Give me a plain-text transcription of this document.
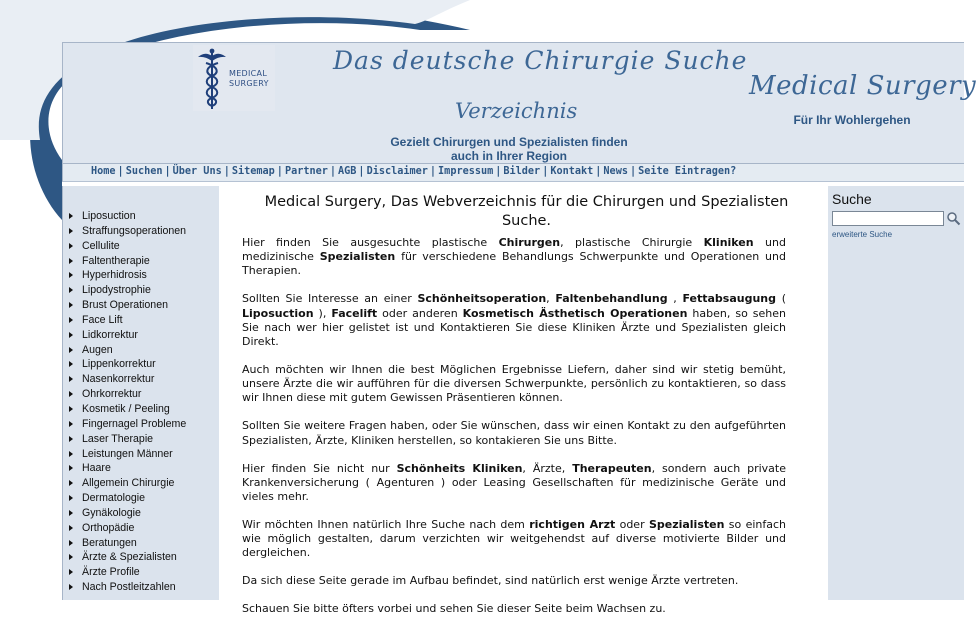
MEDICAL
SURGERY
Das deutsche Chirurgie Suche
Verzeichnis
Gezielt Chirurgen und Spezialisten finden
auch in Ihrer Region
Medical Surgery
Für Ihr Wohlergehen
Home | Suchen | Über Uns | Sitemap | Partner | AGB | Disclaimer | Impressum | Bilder | Kontakt | News | Seite Eintragen?
Liposuction
Straffungsoperationen
Cellulite
Faltentherapie
Hyperhidrosis
Lipodystrophie
Brust Operationen
Face Lift
Lidkorrektur
Augen
Lippenkorrektur
Nasenkorrektur
Ohrkorrektur
Kosmetik / Peeling
Fingernagel Probleme
Laser Therapie
Leistungen Männer
Haare
Allgemein Chirurgie
Dermatologie
Gynäkologie
Orthopädie
Beratungen
Ärzte & Spezialisten
Ärzte Profile
Nach Postleitzahlen
Medical Surgery, Das Webverzeichnis für die Chirurgen und Spezialisten Suche.

Hier finden Sie ausgesuchte plastische Chirurgen, plastische Chirurgie Kliniken und medizinische Spezialisten für verschiedene Behandlungs Schwerpunkte und Operationen und Therapien.

Sollten Sie Interesse an einer Schönheitsoperation, Faltenbehandlung , Fettabsaugung ( Liposuction ), Facelift oder anderen Kosmetisch Ästhetisch Operationen haben, so sehen Sie nach wer hier gelistet ist und Kontaktieren Sie diese Kliniken Ärzte und Spezialisten gleich Direkt.

Auch möchten wir Ihnen die best Möglichen Ergebnisse Liefern, daher sind wir stetig bemüht, unsere Ärzte die wir aufführen für die diversen Schwerpunkte, persönlich zu kontaktieren, so dass wir Ihnen diese mit gutem Gewissen Präsentieren können.

Sollten Sie weitere Fragen haben, oder Sie wünschen, dass wir einen Kontakt zu den aufgeführten Spezialisten, Ärzte, Kliniken herstellen, so kontakieren Sie uns Bitte.

Hier finden Sie nicht nur Schönheits Kliniken, Ärzte, Therapeuten, sondern auch private Krankenversicherung ( Agenturen ) oder Leasing Gesellschaften für medizinische Geräte und vieles mehr.

Wir möchten Ihnen natürlich Ihre Suche nach dem richtigen Arzt oder Spezialisten so einfach wie möglich gestalten, darum verzichten wir weitgehendst auf diverse motivierte Bilder und dergleichen.

Da sich diese Seite gerade im Aufbau befindet, sind natürlich erst wenige Ärzte vertreten.

Schauen Sie bitte öfters vorbei und sehen Sie dieser Seite beim Wachsen zu.

Suche
erweiterte Suche
